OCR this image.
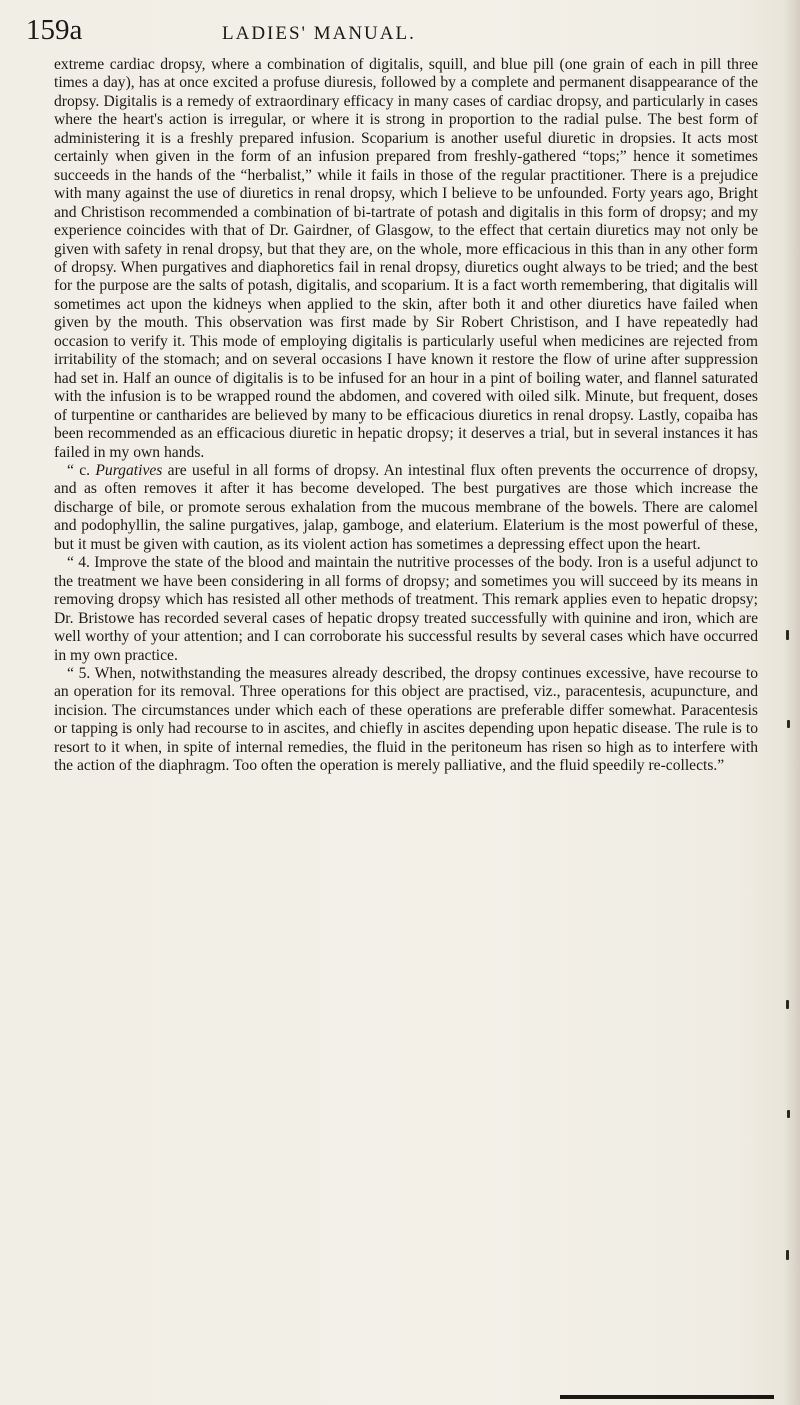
159a	LADIES' MANUAL.

extreme cardiac dropsy, where a combination of digitalis, squill, and blue pill (one grain of each in pill three times a day), has at once excited a profuse diuresis, followed by a complete and permanent disappearance of the dropsy. Digitalis is a remedy of extraordinary efficacy in many cases of cardiac dropsy, and particularly in cases where the heart's action is irregular, or where it is strong in proportion to the radial pulse. The best form of administering it is a freshly prepared infusion. Scoparium is another useful diuretic in dropsies. It acts most certainly when given in the form of an infusion prepared from freshly-gathered “tops;” hence it sometimes succeeds in the hands of the “herbalist,” while it fails in those of the regular practitioner. There is a prejudice with many against the use of diuretics in renal dropsy, which I believe to be unfounded. Forty years ago, Bright and Christison recommended a combination of bi-tartrate of potash and digitalis in this form of dropsy; and my experience coincides with that of Dr. Gairdner, of Glasgow, to the effect that certain diuretics may not only be given with safety in renal dropsy, but that they are, on the whole, more efficacious in this than in any other form of dropsy. When purgatives and diaphoretics fail in renal dropsy, diuretics ought always to be tried; and the best for the purpose are the salts of potash, digitalis, and scoparium. It is a fact worth remembering, that digitalis will sometimes act upon the kidneys when applied to the skin, after both it and other diuretics have failed when given by the mouth. This observation was first made by Sir Robert Christison, and I have repeatedly had occasion to verify it. This mode of employing digitalis is particularly useful when medicines are rejected from irritability of the stomach; and on several occasions I have known it restore the flow of urine after suppression had set in. Half an ounce of digitalis is to be infused for an hour in a pint of boiling water, and flannel saturated with the infusion is to be wrapped round the abdomen, and covered with oiled silk. Minute, but frequent, doses of turpentine or cantharides are believed by many to be efficacious diuretics in renal dropsy. Lastly, copaiba has been recommended as an efficacious diuretic in hepatic dropsy; it deserves a trial, but in several instances it has failed in my own hands.

“ c. Purgatives are useful in all forms of dropsy. An intestinal flux often prevents the occurrence of dropsy, and as often removes it after it has become developed. The best purgatives are those which increase the discharge of bile, or promote serous exhalation from the mucous membrane of the bowels. There are calomel and podophyllin, the saline purgatives, jalap, gamboge, and elaterium. Elaterium is the most powerful of these, but it must be given with caution, as its violent action has sometimes a depressing effect upon the heart.

“ 4. Improve the state of the blood and maintain the nutritive processes of the body. Iron is a useful adjunct to the treatment we have been considering in all forms of dropsy; and sometimes you will succeed by its means in removing dropsy which has resisted all other methods of treatment. This remark applies even to hepatic dropsy; Dr. Bristowe has recorded several cases of hepatic dropsy treated successfully with quinine and iron, which are well worthy of your attention; and I can corroborate his successful results by several cases which have occurred in my own practice.

“ 5. When, notwithstanding the measures already described, the dropsy continues excessive, have recourse to an operation for its removal. Three operations for this object are practised, viz., paracentesis, acupuncture, and incision. The circumstances under which each of these operations are preferable differ somewhat. Paracentesis or tapping is only had recourse to in ascites, and chiefly in ascites depending upon hepatic disease. The rule is to resort to it when, in spite of internal remedies, the fluid in the peritoneum has risen so high as to interfere with the action of the diaphragm. Too often the operation is merely palliative, and the fluid speedily re-collects.”
